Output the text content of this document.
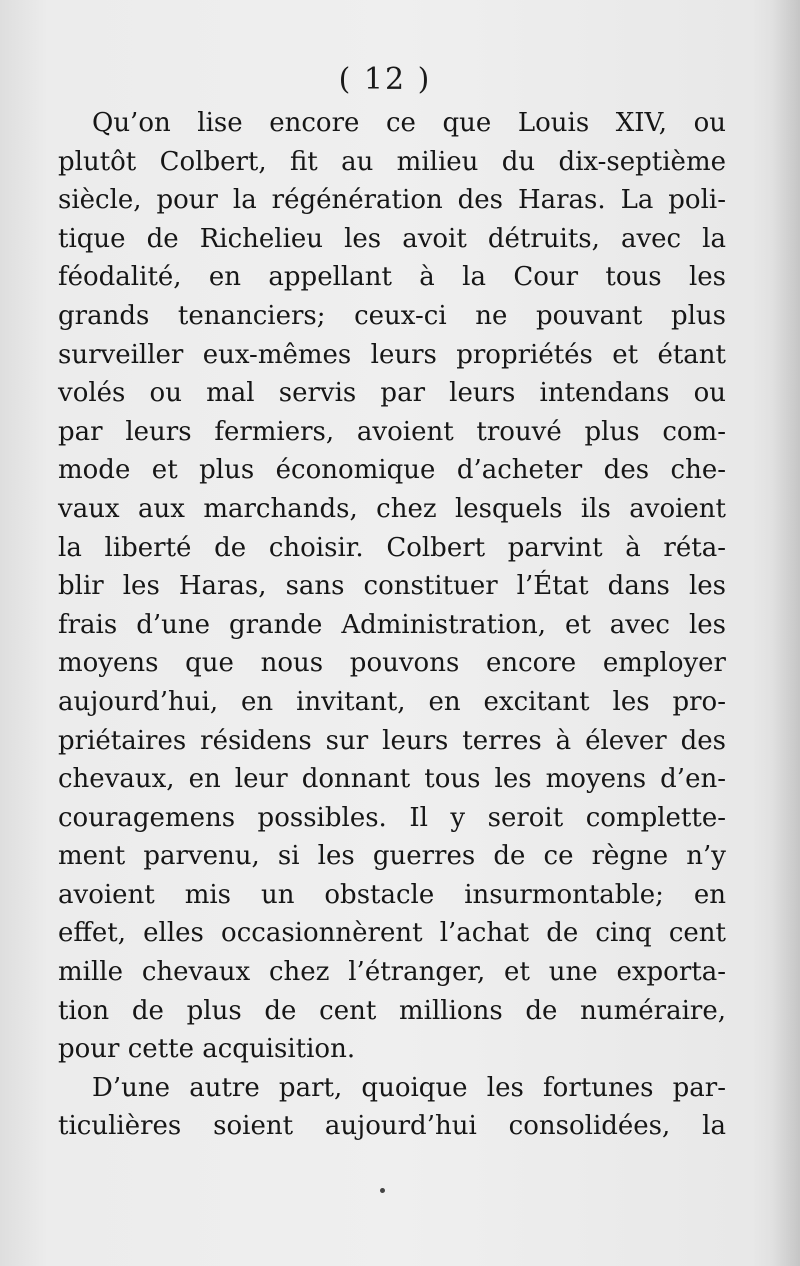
( 12 )
Qu’on lise encore ce que Louis XIV, ou
plutôt Colbert, fit au milieu du dix-septième
siècle, pour la régénération des Haras. La poli-
tique de Richelieu les avoit détruits, avec la
féodalité, en appellant à la Cour tous les
grands tenanciers; ceux-ci ne pouvant plus
surveiller eux-mêmes leurs propriétés et étant
volés ou mal servis par leurs intendans ou
par leurs fermiers, avoient trouvé plus com-
mode et plus économique d’acheter des che-
vaux aux marchands, chez lesquels ils avoient
la liberté de choisir. Colbert parvint à réta-
blir les Haras, sans constituer l’État dans les
frais d’une grande Administration, et avec les
moyens que nous pouvons encore employer
aujourd’hui, en invitant, en excitant les pro-
priétaires résidens sur leurs terres à élever des
chevaux, en leur donnant tous les moyens d’en-
couragemens possibles. Il y seroit complette-
ment parvenu, si les guerres de ce règne n’y
avoient mis un obstacle insurmontable; en
effet, elles occasionnèrent l’achat de cinq cent
mille chevaux chez l’étranger, et une exporta-
tion de plus de cent millions de numéraire,
pour cette acquisition.
D’une autre part, quoique les fortunes par-
ticulières soient aujourd’hui consolidées, la
